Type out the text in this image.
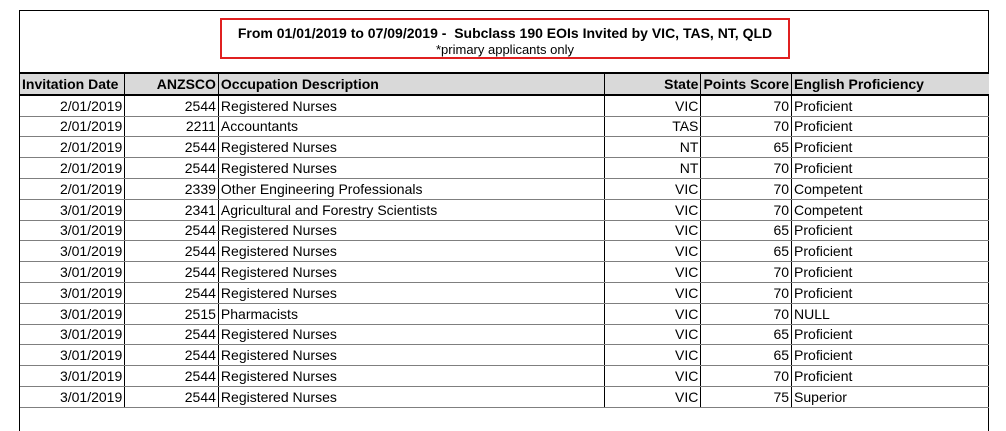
From 01/01/2019 to 07/09/2019 -  Subclass 190 EOIs Invited by VIC, TAS, NT, QLD
*primary applicants only
Invitation Date	ANZSCO	Occupation Description	State	Points Score	English Proficiency
2/01/2019	2544	Registered Nurses	VIC	70	Proficient
2/01/2019	2211	Accountants	TAS	70	Proficient
2/01/2019	2544	Registered Nurses	NT	65	Proficient
2/01/2019	2544	Registered Nurses	NT	70	Proficient
2/01/2019	2339	Other Engineering Professionals	VIC	70	Competent
3/01/2019	2341	Agricultural and Forestry Scientists	VIC	70	Competent
3/01/2019	2544	Registered Nurses	VIC	65	Proficient
3/01/2019	2544	Registered Nurses	VIC	65	Proficient
3/01/2019	2544	Registered Nurses	VIC	70	Proficient
3/01/2019	2544	Registered Nurses	VIC	70	Proficient
3/01/2019	2515	Pharmacists	VIC	70	NULL
3/01/2019	2544	Registered Nurses	VIC	65	Proficient
3/01/2019	2544	Registered Nurses	VIC	65	Proficient
3/01/2019	2544	Registered Nurses	VIC	70	Proficient
3/01/2019	2544	Registered Nurses	VIC	75	Superior
